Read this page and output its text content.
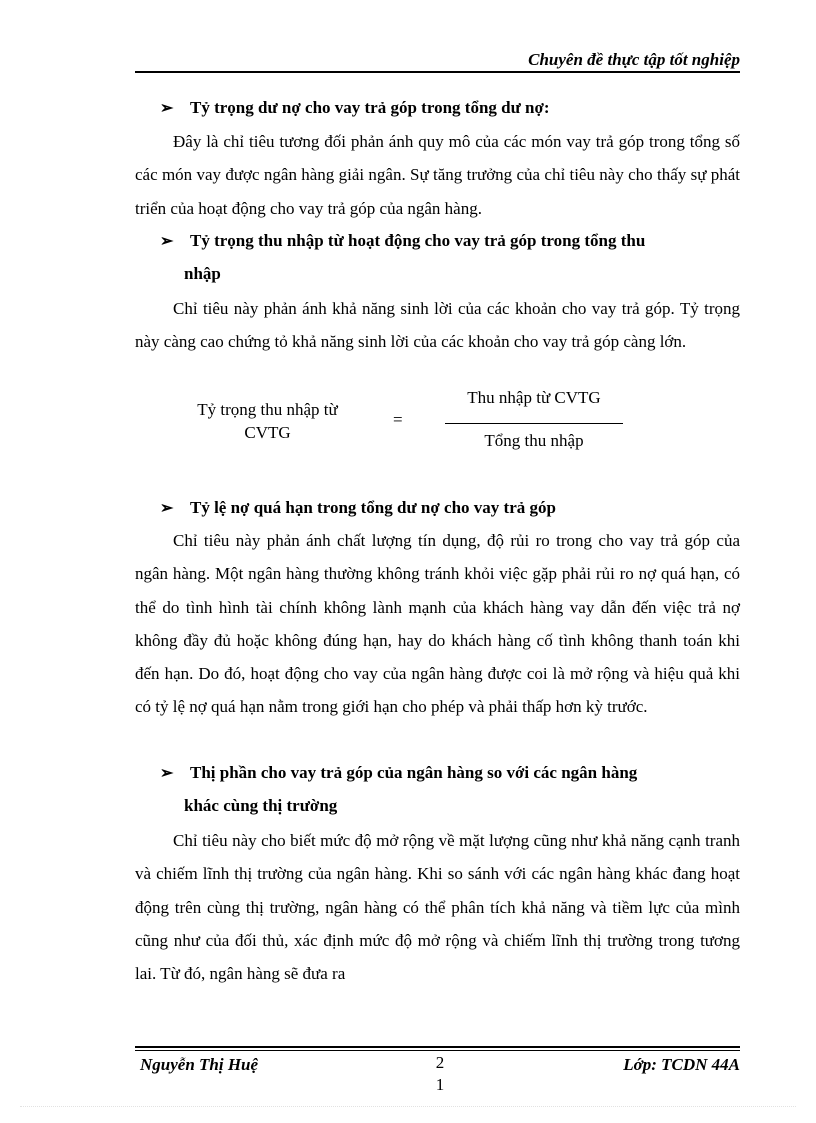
Chuyên đề thực tập tốt nghiệp
➢ Tỷ trọng dư nợ cho vay trả góp trong tổng dư nợ:
Đây là chỉ tiêu tương đối phản ánh quy mô của các món vay trả góp trong tổng số các món vay được ngân hàng giải ngân. Sự tăng trưởng của chỉ tiêu này cho thấy sự phát triển của hoạt động cho vay trả góp của ngân hàng.
➢ Tỷ trọng thu nhập từ hoạt động cho vay trả góp trong tổng thu
nhập
Chỉ tiêu này phản ánh khả năng sinh lời của các khoản cho vay trả góp. Tỷ trọng này càng cao chứng tỏ khả năng sinh lời của các khoản cho vay trả góp càng lớn.
Tỷ trọng thu nhập từ CVTG
=
Thu nhập từ CVTG
Tổng thu nhập
➢ Tỷ lệ nợ quá hạn trong tổng dư nợ cho vay trả góp
Chỉ tiêu này phản ánh chất lượng tín dụng, độ rủi ro trong cho vay trả góp của ngân hàng. Một ngân hàng thường không tránh khỏi việc gặp phải rủi ro nợ quá hạn, có thể do tình hình tài chính không lành mạnh của khách hàng vay dẫn đến việc trả nợ không đầy đủ hoặc không đúng hạn, hay do khách hàng cố tình không thanh toán khi đến hạn. Do đó, hoạt động cho vay của ngân hàng được coi là mở rộng và hiệu quả khi có tỷ lệ nợ quá hạn nằm trong giới hạn cho phép và phải thấp hơn kỳ trước.
➢ Thị phần cho vay trả góp của ngân hàng so với các ngân hàng
khác cùng thị trường
Chỉ tiêu này cho biết mức độ mở rộng về mặt lượng cũng như khả năng cạnh tranh và chiếm lĩnh thị trường của ngân hàng. Khi so sánh với các ngân hàng khác đang hoạt động trên cùng thị trường, ngân hàng có thể phân tích khả năng và tiềm lực của mình cũng như của đối thủ, xác định mức độ mở rộng và chiếm lĩnh thị trường trong tương lai. Từ đó, ngân hàng sẽ đưa ra
Nguyễn Thị Huệ	2
1
Lớp: TCDN 44A
